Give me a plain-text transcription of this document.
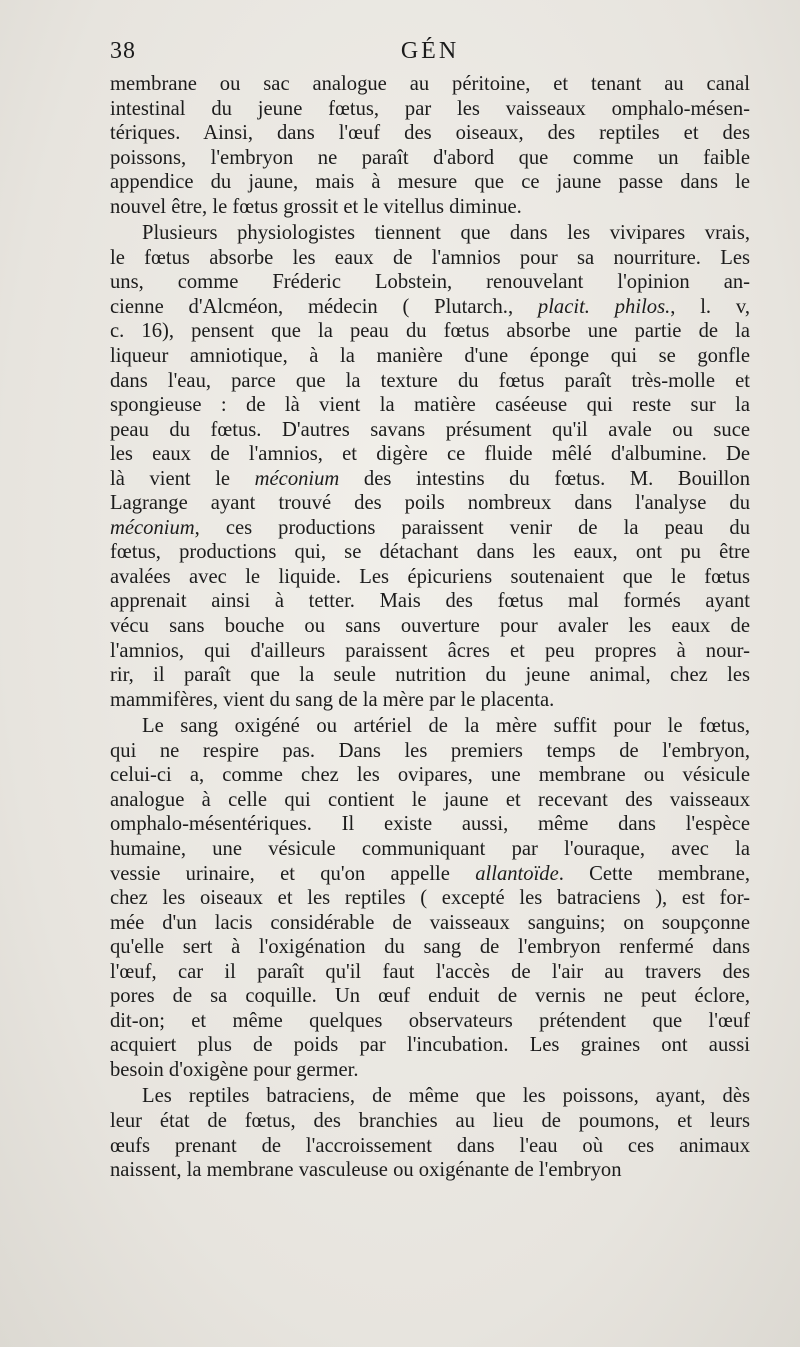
38	GÉN

membrane ou sac analogue au péritoine, et tenant au canal
intestinal du jeune fœtus, par les vaisseaux omphalo-mésen-
tériques. Ainsi, dans l'œuf des oiseaux, des reptiles et des
poissons, l'embryon ne paraît d'abord que comme un faible
appendice du jaune, mais à mesure que ce jaune passe dans le
nouvel être, le fœtus grossit et le vitellus diminue.

Plusieurs physiologistes tiennent que dans les vivipares vrais,
le fœtus absorbe les eaux de l'amnios pour sa nourriture. Les
uns, comme Fréderic Lobstein, renouvelant l'opinion an-
cienne d'Alcméon, médecin ( Plutarch., placit. philos., l. v,
c. 16), pensent que la peau du fœtus absorbe une partie de la
liqueur amniotique, à la manière d'une éponge qui se gonfle
dans l'eau, parce que la texture du fœtus paraît très-molle et
spongieuse : de là vient la matière caséeuse qui reste sur la
peau du fœtus. D'autres savans présument qu'il avale ou suce
les eaux de l'amnios, et digère ce fluide mêlé d'albumine. De
là vient le méconium des intestins du fœtus. M. Bouillon
Lagrange ayant trouvé des poils nombreux dans l'analyse du
méconium, ces productions paraissent venir de la peau du
fœtus, productions qui, se détachant dans les eaux, ont pu être
avalées avec le liquide. Les épicuriens soutenaient que le fœtus
apprenait ainsi à tetter. Mais des fœtus mal formés ayant
vécu sans bouche ou sans ouverture pour avaler les eaux de
l'amnios, qui d'ailleurs paraissent âcres et peu propres à nour-
rir, il paraît que la seule nutrition du jeune animal, chez les
mammifères, vient du sang de la mère par le placenta.

Le sang oxigéné ou artériel de la mère suffit pour le fœtus,
qui ne respire pas. Dans les premiers temps de l'embryon,
celui-ci a, comme chez les ovipares, une membrane ou vésicule
analogue à celle qui contient le jaune et recevant des vaisseaux
omphalo-mésentériques. Il existe aussi, même dans l'espèce
humaine, une vésicule communiquant par l'ouraque, avec la
vessie urinaire, et qu'on appelle allantoïde. Cette membrane,
chez les oiseaux et les reptiles ( excepté les batraciens ), est for-
mée d'un lacis considérable de vaisseaux sanguins; on soupçonne
qu'elle sert à l'oxigénation du sang de l'embryon renfermé dans
l'œuf, car il paraît qu'il faut l'accès de l'air au travers des
pores de sa coquille. Un œuf enduit de vernis ne peut éclore,
dit-on; et même quelques observateurs prétendent que l'œuf
acquiert plus de poids par l'incubation. Les graines ont aussi
besoin d'oxigène pour germer.

Les reptiles batraciens, de même que les poissons, ayant, dès
leur état de fœtus, des branchies au lieu de poumons, et leurs
œufs prenant de l'accroissement dans l'eau où ces animaux
naissent, la membrane vasculeuse ou oxigénante de l'embryon
